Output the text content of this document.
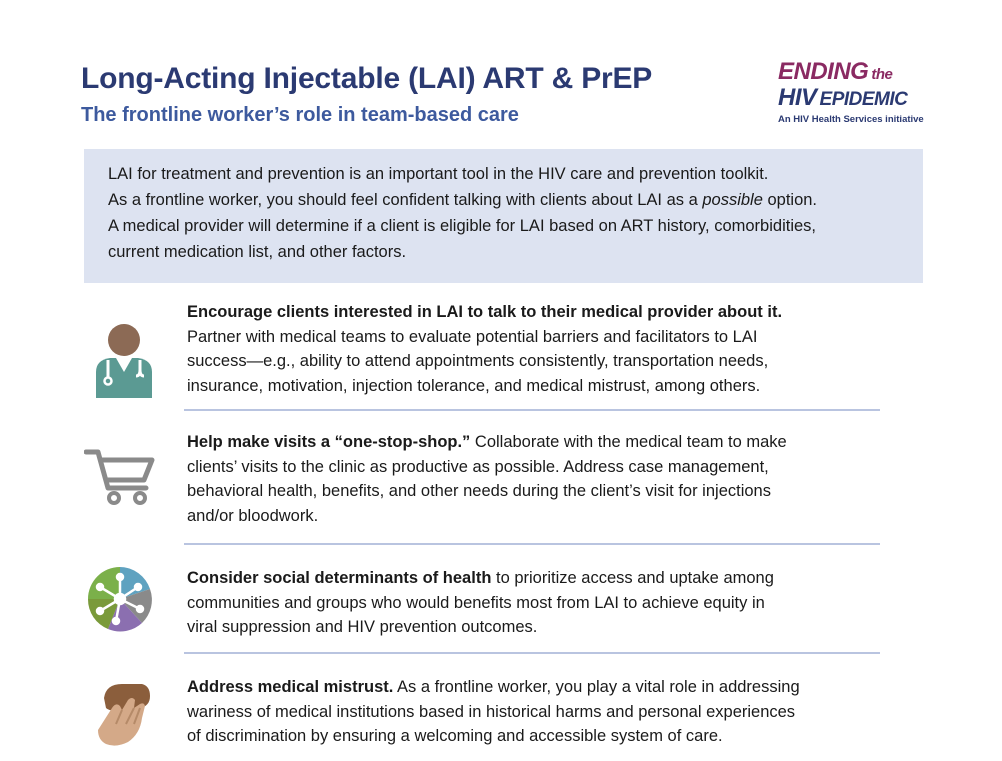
Long-Acting Injectable (LAI) ART & PrEP
The frontline worker’s role in team-based care
ENDING the
HIV EPIDEMIC
An HIV Health Services initiative

LAI for treatment and prevention is an important tool in the HIV care and prevention toolkit.

As a frontline worker, you should feel confident talking with clients about LAI as a possible option.

A medical provider will determine if a client is eligible for LAI based on ART history, comorbidities,

current medication list, and other factors.

Encourage clients interested in LAI to talk to their medical provider about it.
Partner with medical teams to evaluate potential barriers and facilitators to LAI
success—e.g., ability to attend appointments consistently, transportation needs,
insurance, motivation, injection tolerance, and medical mistrust, among others.
Help make visits a “one-stop-shop.” Collaborate with the medical team to make
clients’ visits to the clinic as productive as possible. Address case management,
behavioral health, benefits, and other needs during the client’s visit for injections
and/or bloodwork.
Consider social determinants of health to prioritize access and uptake among
communities and groups who would benefits most from LAI to achieve equity in
viral suppression and HIV prevention outcomes.
Address medical mistrust. As a frontline worker, you play a vital role in addressing
wariness of medical institutions based in historical harms and personal experiences
of discrimination by ensuring a welcoming and accessible system of care.
